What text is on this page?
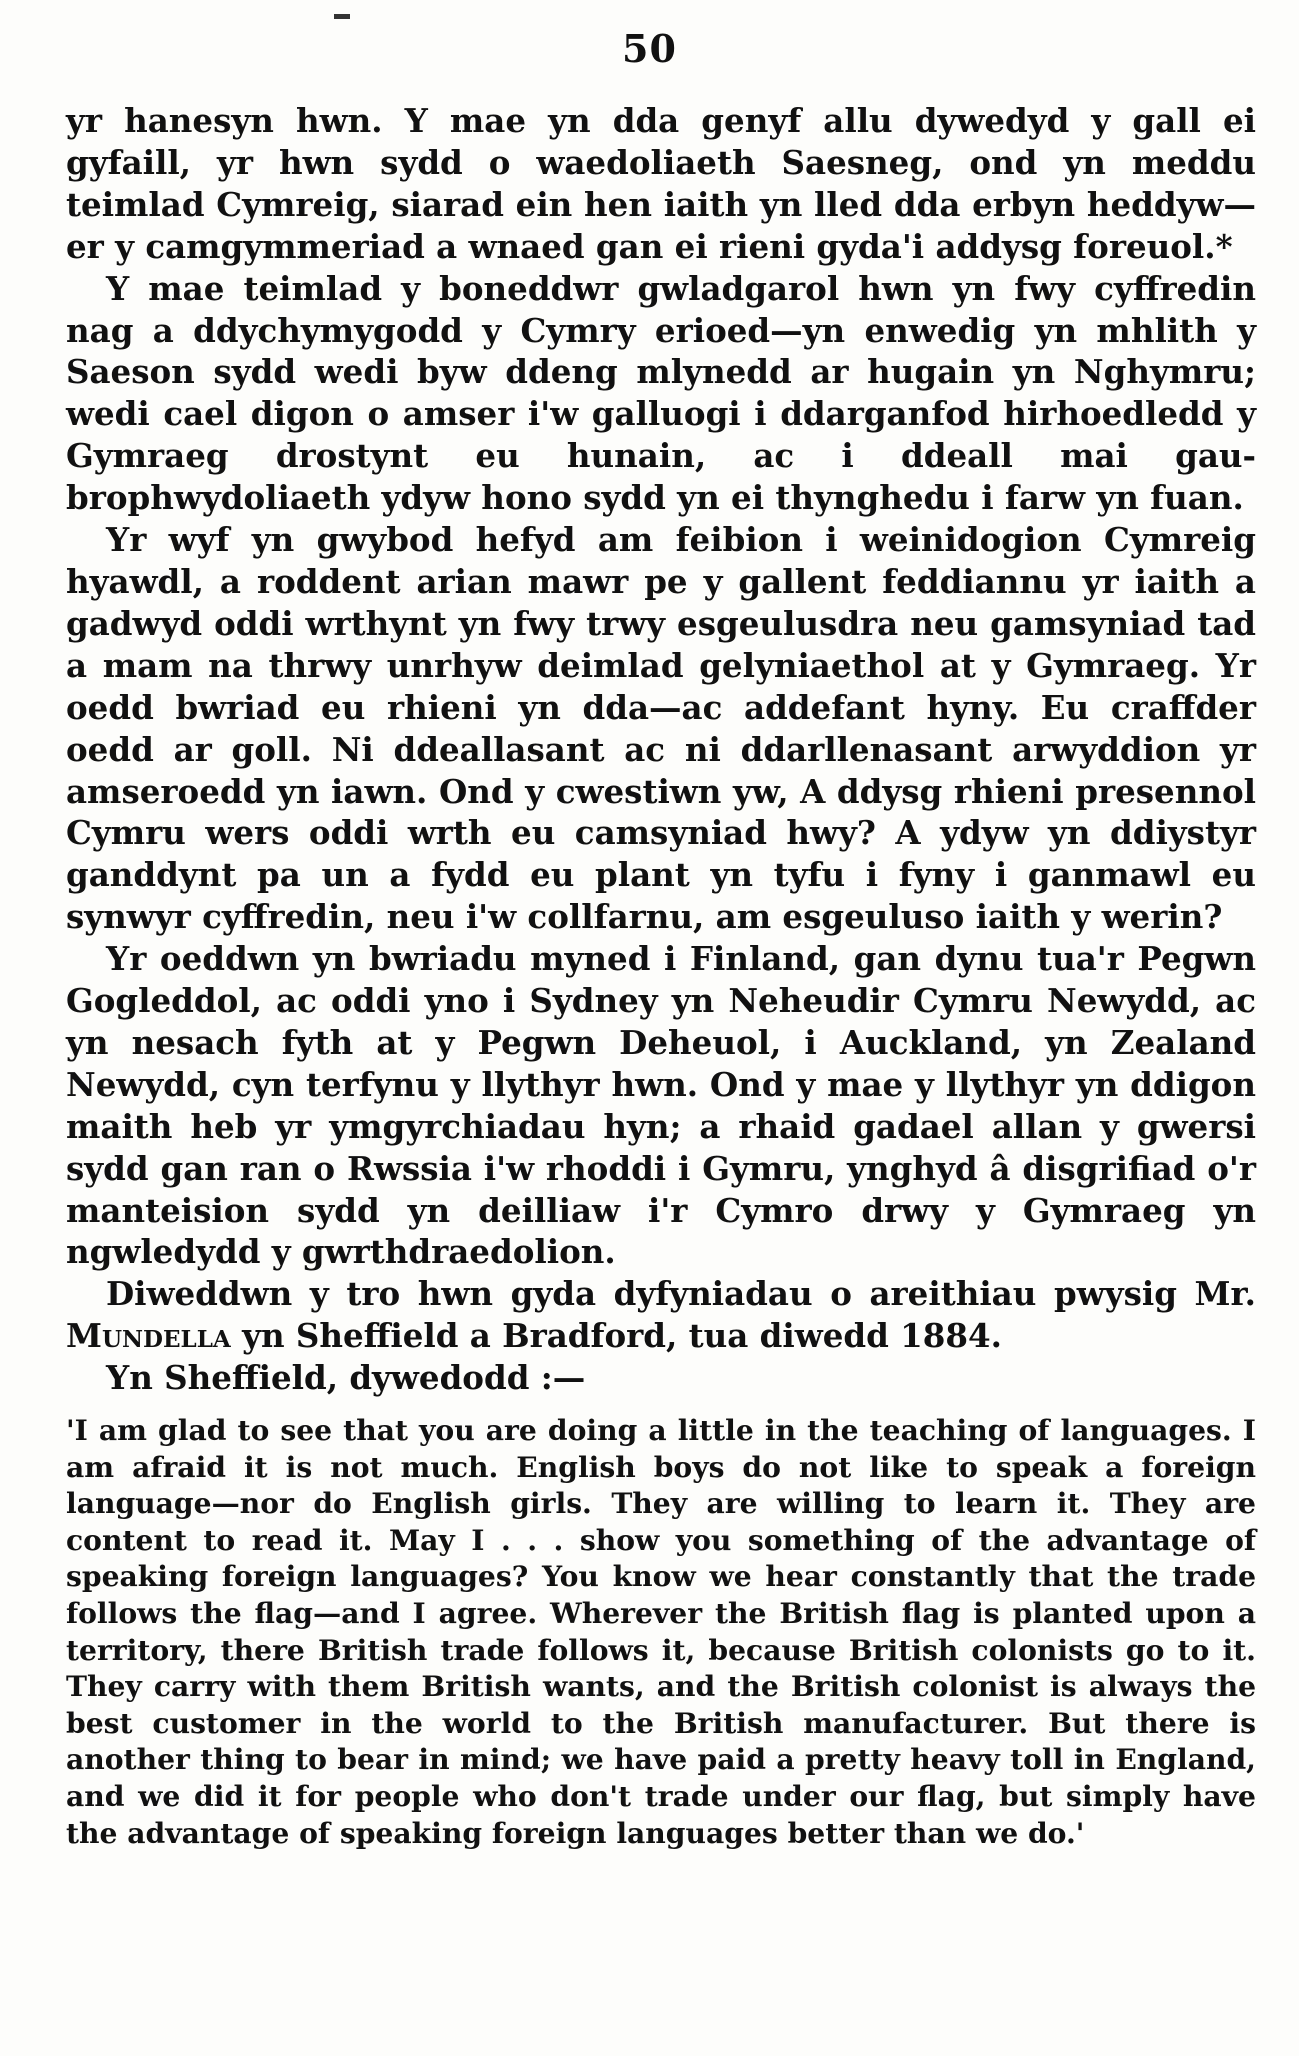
50
yr hanesyn hwn. Y mae yn dda genyf allu dywedyd y gall ei gyfaill, yr hwn sydd o waedoliaeth Saesneg, ond yn meddu teimlad Cymreig, siarad ein hen iaith yn lled dda erbyn heddyw—er y camgymmeriad a wnaed gan ei rieni gyda'i addysg foreuol.*
Y mae teimlad y boneddwr gwladgarol hwn yn fwy cyffredin nag a ddychymygodd y Cymry erioed—yn enwedig yn mhlith y Saeson sydd wedi byw ddeng mlynedd ar hugain yn Nghymru; wedi cael digon o amser i'w galluogi i ddarganfod hirhoedledd y Gymraeg drostynt eu hunain, ac i ddeall mai gau-brophwydoliaeth ydyw hono sydd yn ei thynghedu i farw yn fuan.
Yr wyf yn gwybod hefyd am feibion i weinidogion Cymreig hyawdl, a roddent arian mawr pe y gallent feddiannu yr iaith a gadwyd oddi wrthynt yn fwy trwy esgeulusdra neu gamsyniad tad a mam na thrwy unrhyw deimlad gelyniaethol at y Gymraeg. Yr oedd bwriad eu rhieni yn dda—ac addefant hyny. Eu craffder oedd ar goll. Ni ddeallasant ac ni ddarllenasant arwyddion yr amseroedd yn iawn. Ond y cwestiwn yw, A ddysg rhieni presennol Cymru wers oddi wrth eu camsyniad hwy? A ydyw yn ddiystyr ganddynt pa un a fydd eu plant yn tyfu i fyny i ganmawl eu synwyr cyffredin, neu i'w collfarnu, am esgeuluso iaith y werin?
Yr oeddwn yn bwriadu myned i Finland, gan dynu tua'r Pegwn Gogleddol, ac oddi yno i Sydney yn Neheudir Cymru Newydd, ac yn nesach fyth at y Pegwn Deheuol, i Auckland, yn Zealand Newydd, cyn terfynu y llythyr hwn. Ond y mae y llythyr yn ddigon maith heb yr ymgyrchiadau hyn; a rhaid gadael allan y gwersi sydd gan ran o Rwssia i'w rhoddi i Gymru, ynghyd â disgrifiad o'r manteision sydd yn deilliaw i'r Cymro drwy y Gymraeg yn ngwledydd y gwrthdraedolion.
Diweddwn y tro hwn gyda dyfyniadau o areithiau pwysig Mr. Mundella yn Sheffield a Bradford, tua diwedd 1884.
Yn Sheffield, dywedodd :—

'I am glad to see that you are doing a little in the teaching of languages. I am afraid it is not much. English boys do not like to speak a foreign language—nor do English girls. They are willing to learn it. They are content to read it. May I . . . show you something of the advantage of speaking foreign languages? You know we hear constantly that the trade follows the flag—and I agree. Wherever the British flag is planted upon a territory, there British trade follows it, because British colonists go to it. They carry with them British wants, and the British colonist is always the best customer in the world to the British manufacturer. But there is another thing to bear in mind; we have paid a pretty heavy toll in England, and we did it for people who don't trade under our flag, but simply have the advantage of speaking foreign languages better than we do.'
